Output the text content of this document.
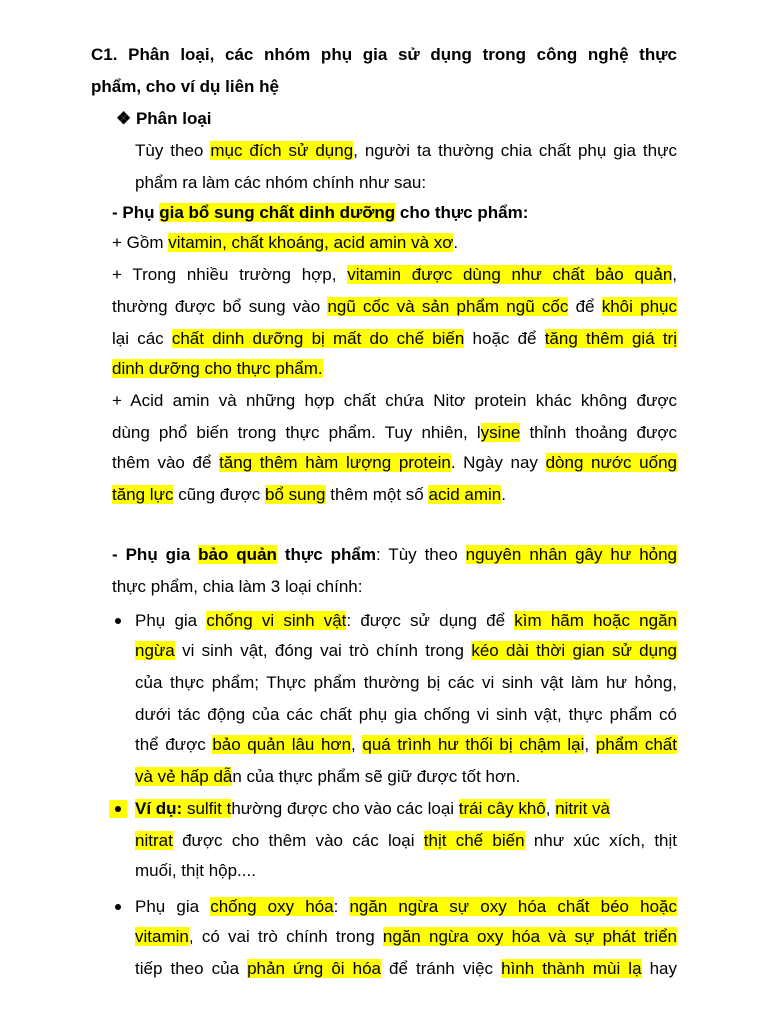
C1. Phân loại, các nhóm phụ gia sử dụng trong công nghệ thực
phẩm, cho ví dụ liên hệ
❖ Phân loại
Tùy theo mục đích sử dụng, người ta thường chia chất phụ gia thực
phẩm ra làm các nhóm chính như sau:
- Phụ gia bổ sung chất dinh dưỡng cho thực phẩm:
+ Gồm vitamin, chất khoáng, acid amin và xơ.
+ Trong nhiều trường hợp, vitamin được dùng như chất bảo quản,
thường được bổ sung vào ngũ cốc và sản phẩm ngũ cốc để khôi phục
lại các chất dinh dưỡng bị mất do chế biến hoặc để tăng thêm giá trị
dinh dưỡng cho thực phẩm.
+ Acid amin và những hợp chất chứa Nitơ protein khác không được
dùng phổ biến trong thực phẩm. Tuy nhiên, lysine thỉnh thoảng được
thêm vào để tăng thêm hàm lượng protein. Ngày nay dòng nước uống
tăng lực cũng được bổ sung thêm một số acid amin.
- Phụ gia bảo quản thực phẩm: Tùy theo nguyên nhân gây hư hỏng
thực phẩm, chia làm 3 loại chính:
Phụ gia chống vi sinh vật: được sử dụng để kìm hãm hoặc ngăn
ngừa vi sinh vật, đóng vai trò chính trong kéo dài thời gian sử dụng
của thực phẩm; Thực phẩm thường bị các vi sinh vật làm hư hỏng,
dưới tác động của các chất phụ gia chống vi sinh vật, thực phẩm có
thể được bảo quản lâu hơn, quá trình hư thối bị chậm lại, phẩm chất
và vẻ hấp dẫn của thực phẩm sẽ giữ được tốt hơn.
Ví dụ: sulfit thường được cho vào các loại trái cây khô, nitrit và
nitrat được cho thêm vào các loại thịt chế biến như xúc xích, thịt
muối, thịt hộp....
Phụ gia chống oxy hóa: ngăn ngừa sự oxy hóa chất béo hoặc
vitamin, có vai trò chính trong ngăn ngừa oxy hóa và sự phát triển
tiếp theo của phản ứng ôi hóa để tránh việc hình thành mùi lạ hay
